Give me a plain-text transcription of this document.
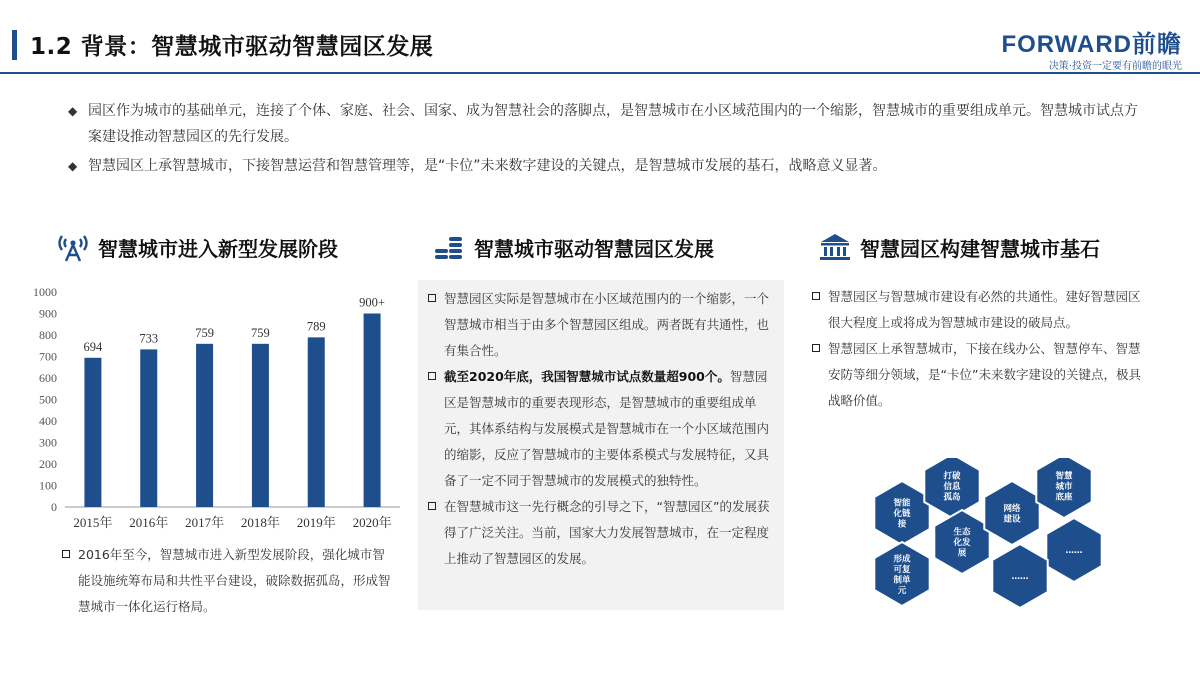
1.2 背景：智慧城市驱动智慧园区发展	FORWARD前瞻
决策·投资一定要有前瞻的眼光
◆ 园区作为城市的基础单元，连接了个体、家庭、社会、国家、成为智慧社会的落脚点，是智慧城市在小区域范围内的一个缩影，智慧城市的重要组成单元。智慧城市试点方案建设推动智慧园区的先行发展。
◆ 智慧园区上承智慧城市，下接智慧运营和智慧管理等，是“卡位”未来数字建设的关键点，是智慧城市发展的基石，战略意义显著。
智慧城市进入新型发展阶段	智慧城市驱动智慧园区发展	智慧园区构建智慧城市基石
0
100
200
300
400
500
600
700
800
900
1000
694
2015年
733
2016年
759
2017年
759
2018年
789
2019年
900+
2020年
2016年至今，智慧城市进入新型发展阶段，强化城市智能设施统筹布局和共性平台建设，破除数据孤岛，形成智慧城市一体化运行格局。
智慧园区实际是智慧城市在小区域范围内的一个缩影，一个智慧城市相当于由多个智慧园区组成。两者既有共通性，也有集合性。
截至2020年底，我国智慧城市试点数量超900个。智慧园区是智慧城市的重要表现形态，是智慧城市的重要组成单元，其体系结构与发展模式是智慧城市在一个小区域范围内的缩影，反应了智慧城市的主要体系模式与发展特征，又具备了一定不同于智慧城市的发展模式的独特性。
在智慧城市这一先行概念的引导之下，“智慧园区”的发展获得了广泛关注。当前，国家大力发展智慧城市，在一定程度上推动了智慧园区的发展。
智慧园区与智慧城市建设有必然的共通性。建好智慧园区很大程度上或将成为智慧城市建设的破局点。
智慧园区上承智慧城市，下接在线办公、智慧停车、智慧安防等细分领域，是“卡位”未来数字建设的关键点，极具战略价值。
智能化链接
打破信息孤岛
生态化发展
网络建设
智慧城市底座
形成可复制单元
……
……
